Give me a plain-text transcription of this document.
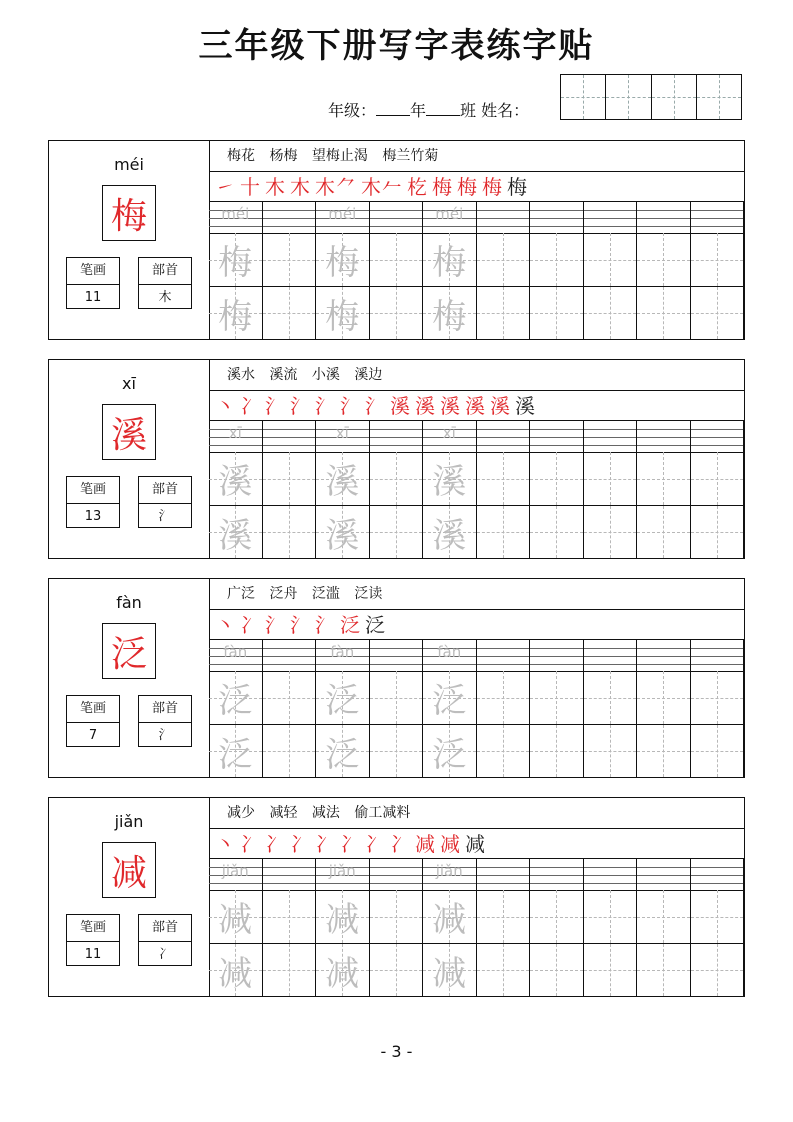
三年级下册写字表练字贴
年级： 年 班 姓名：
méi
梅
笔画
11
部首
木
梅花 杨梅 望梅止渴 梅兰竹菊
㇀ 十 木 木 木⺈ 木𠂉 杚 梅 梅 梅 梅
méi	méi	méi
梅 梅 梅
梅 梅 梅
xī
溪
笔画
13
部首
氵
溪水 溪流 小溪 溪边
丶 冫 氵 氵 氵 氵 氵 溪 溪 溪 溪 溪 溪
xī	xī	xī
溪 溪 溪
溪 溪 溪
fàn
泛
笔画
7
部首
氵
广泛 泛舟 泛滥 泛读
丶 冫 氵 氵 氵 泛 泛
fàn	fàn	fàn
泛 泛 泛
泛 泛 泛
jiǎn
减
笔画
11
部首
冫
减少 减轻 减法 偷工减料
丶 冫 冫 冫 冫 冫 冫 冫 减 减 减
jiǎn	jiǎn	jiǎn
减 减 减
减 减 减
- 3 -
